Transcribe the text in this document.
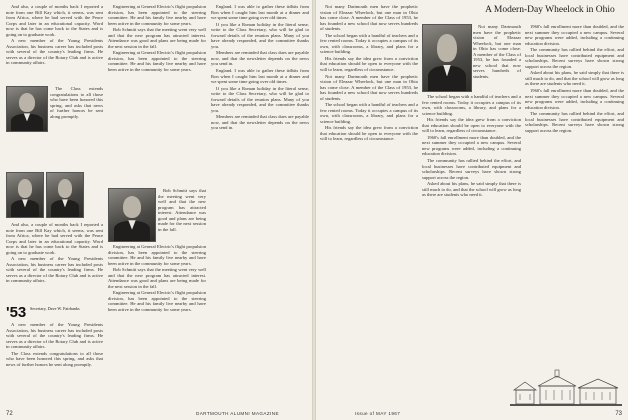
And also, a couple of months back I reported a note from one Bill Kay which, it seems, was sent from Africa, where he had served with the Peace Corps and later in an educational capacity. Word now is that he has come back to the States and is going on to graduate work.

A new member of the Young Presidents Association, his business career has included posts with several of the country's leading firms. He serves as a director of the Rotary Club and is active in community affairs.

The Class extends congratulations to all those who have been honored this spring, and asks that news of further honors be sent along promptly.

And also, a couple of months back I reported a note from one Bill Kay which, it seems, was sent from Africa, where he had served with the Peace Corps and later in an educational capacity. Word now is that he has come back to the States and is going on to graduate work.

A new member of the Young Presidents Association, his business career has included posts with several of the country's leading firms. He serves as a director of the Rotary Club and is active in community affairs.

'53 Secretary, Dave W. Fairbanks

A new member of the Young Presidents Association, his business career has included posts with several of the country's leading firms. He serves as a director of the Rotary Club and is active in community affairs.

The Class extends congratulations to all those who have been honored this spring, and asks that news of further honors be sent along promptly.

Engineering at General Electric's flight propulsion division, has been appointed to the steering committee. He and his family live nearby and have been active in the community for some years.

Bob Schmitt says that the meeting went very well and that the new program has attracted interest. Attendance was good and plans are being made for the next session in the fall.

Engineering at General Electric's flight propulsion division, has been appointed to the steering committee. He and his family live nearby and have been active in the community for some years.

Bob Schmitt says that the meeting went very well and that the new program has attracted interest. Attendance was good and plans are being made for the next session in the fall.

Engineering at General Electric's flight propulsion division, has been appointed to the steering committee. He and his family live nearby and have been active in the community for some years.

Bob Schmitt says that the meeting went very well and that the new program has attracted interest. Attendance was good and plans are being made for the next session in the fall.

Engineering at General Electric's flight propulsion division, has been appointed to the steering committee. He and his family live nearby and have been active in the community for some years.

England. I was able to gather these tidbits from Ron when I caught him last month at a dinner and we spent some time going over old times.

If you like a Roman holiday in the literal sense, write to the Class Secretary, who will be glad to forward details of the reunion plans. Many of you have already responded, and the committee thanks you.

Members are reminded that class dues are payable now, and that the newsletter depends on the news you send in.

England. I was able to gather these tidbits from Ron when I caught him last month at a dinner and we spent some time going over old times.

If you like a Roman holiday in the literal sense, write to the Class Secretary, who will be glad to forward details of the reunion plans. Many of you have already responded, and the committee thanks you.

Members are reminded that class dues are payable now, and that the newsletter depends on the news you send in.

72	DARTMOUTH ALUMNI MAGAZINE

Not many Dartmouth men have the prophetic vision of Eleazar Wheelock, but one man in Ohio has come close. A member of the Class of 1953, he has founded a new school that now serves hundreds of students.

The school began with a handful of teachers and a few rented rooms. Today it occupies a campus of its own, with classrooms, a library, and plans for a science building.

His friends say the idea grew from a conviction that education should be open to everyone with the will to learn, regardless of circumstance.

Not many Dartmouth men have the prophetic vision of Eleazar Wheelock, but one man in Ohio has come close. A member of the Class of 1953, he has founded a new school that now serves hundreds of students.

The school began with a handful of teachers and a few rented rooms. Today it occupies a campus of its own, with classrooms, a library, and plans for a science building.

His friends say the idea grew from a conviction that education should be open to everyone with the will to learn, regardless of circumstance.

A Modern-Day Wheelock in Ohio

Not many Dartmouth men have the prophetic vision of Eleazar Wheelock, but one man in Ohio has come close. A member of the Class of 1953, he has founded a new school that now serves hundreds of students.

The school began with a handful of teachers and a few rented rooms. Today it occupies a campus of its own, with classrooms, a library, and plans for a science building.

His friends say the idea grew from a conviction that education should be open to everyone with the will to learn, regardless of circumstance.

1960's fall enrollment more than doubled, and the next summer they occupied a new campus. Several new programs were added, including a continuing education division.

The community has rallied behind the effort, and local businesses have contributed equipment and scholarships. Recent surveys have shown strong support across the region.

Asked about his plans, he said simply that there is still much to do, and that the school will grow as long as there are students who need it.

1960's fall enrollment more than doubled, and the next summer they occupied a new campus. Several new programs were added, including a continuing education division.

The community has rallied behind the effort, and local businesses have contributed equipment and scholarships. Recent surveys have shown strong support across the region.

Asked about his plans, he said simply that there is still much to do, and that the school will grow as long as there are students who need it.

1960's fall enrollment more than doubled, and the next summer they occupied a new campus. Several new programs were added, including a continuing education division.

The community has rallied behind the effort, and local businesses have contributed equipment and scholarships. Recent surveys have shown strong support across the region.

Issue of MAY 1967	73
